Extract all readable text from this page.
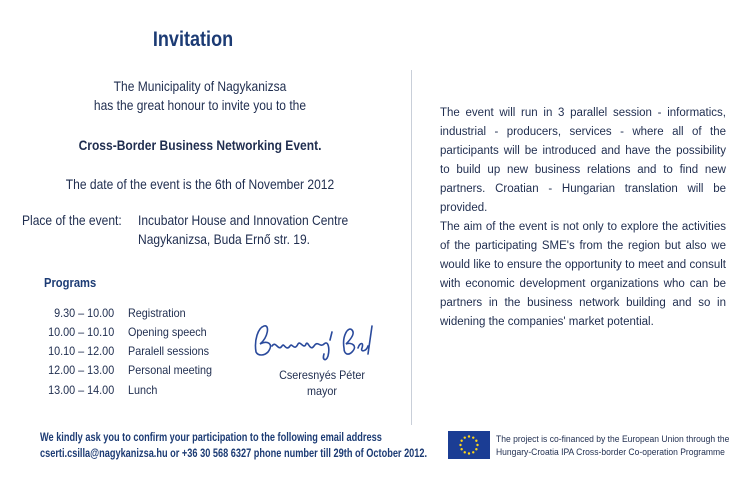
Invitation
The Municipality of Nagykanizsa
has the great honour to invite you to the
Cross-Border Business Networking Event.
The date of the event is the 6th of November 2012
Place of the event: Incubator House and Innovation Centre
Nagykanizsa, Buda Ernő str. 19.
Programs
9.30 – 10.00 Registration
10.00 – 10.10 Opening speech
10.10 – 12.00 Paralell sessions
12.00 – 13.00 Personal meeting
13.00 – 14.00 Lunch
Cseresnyés Péter
mayor
We kindly ask you to confirm your participation to the following email address
cserti.csilla@nagykanizsa.hu or +36 30 568 6327 phone number till 29th of October 2012.
The event will run in 3 parallel session - informatics, industrial - producers, services - where all of the participants will be introduced and have the possibility to build up new business relations and to find new partners. Croatian - Hungarian translation will be provided.
The aim of the event is not only to explore the activities of the participating SME's from the region but also we would like to ensure the opportunity to meet and consult with economic development organizations who can be partners in the business network building and so in widening the companies' market potential.
The project is co-financed by the European Union through the
Hungary-Croatia IPA Cross-border Co-operation Programme
